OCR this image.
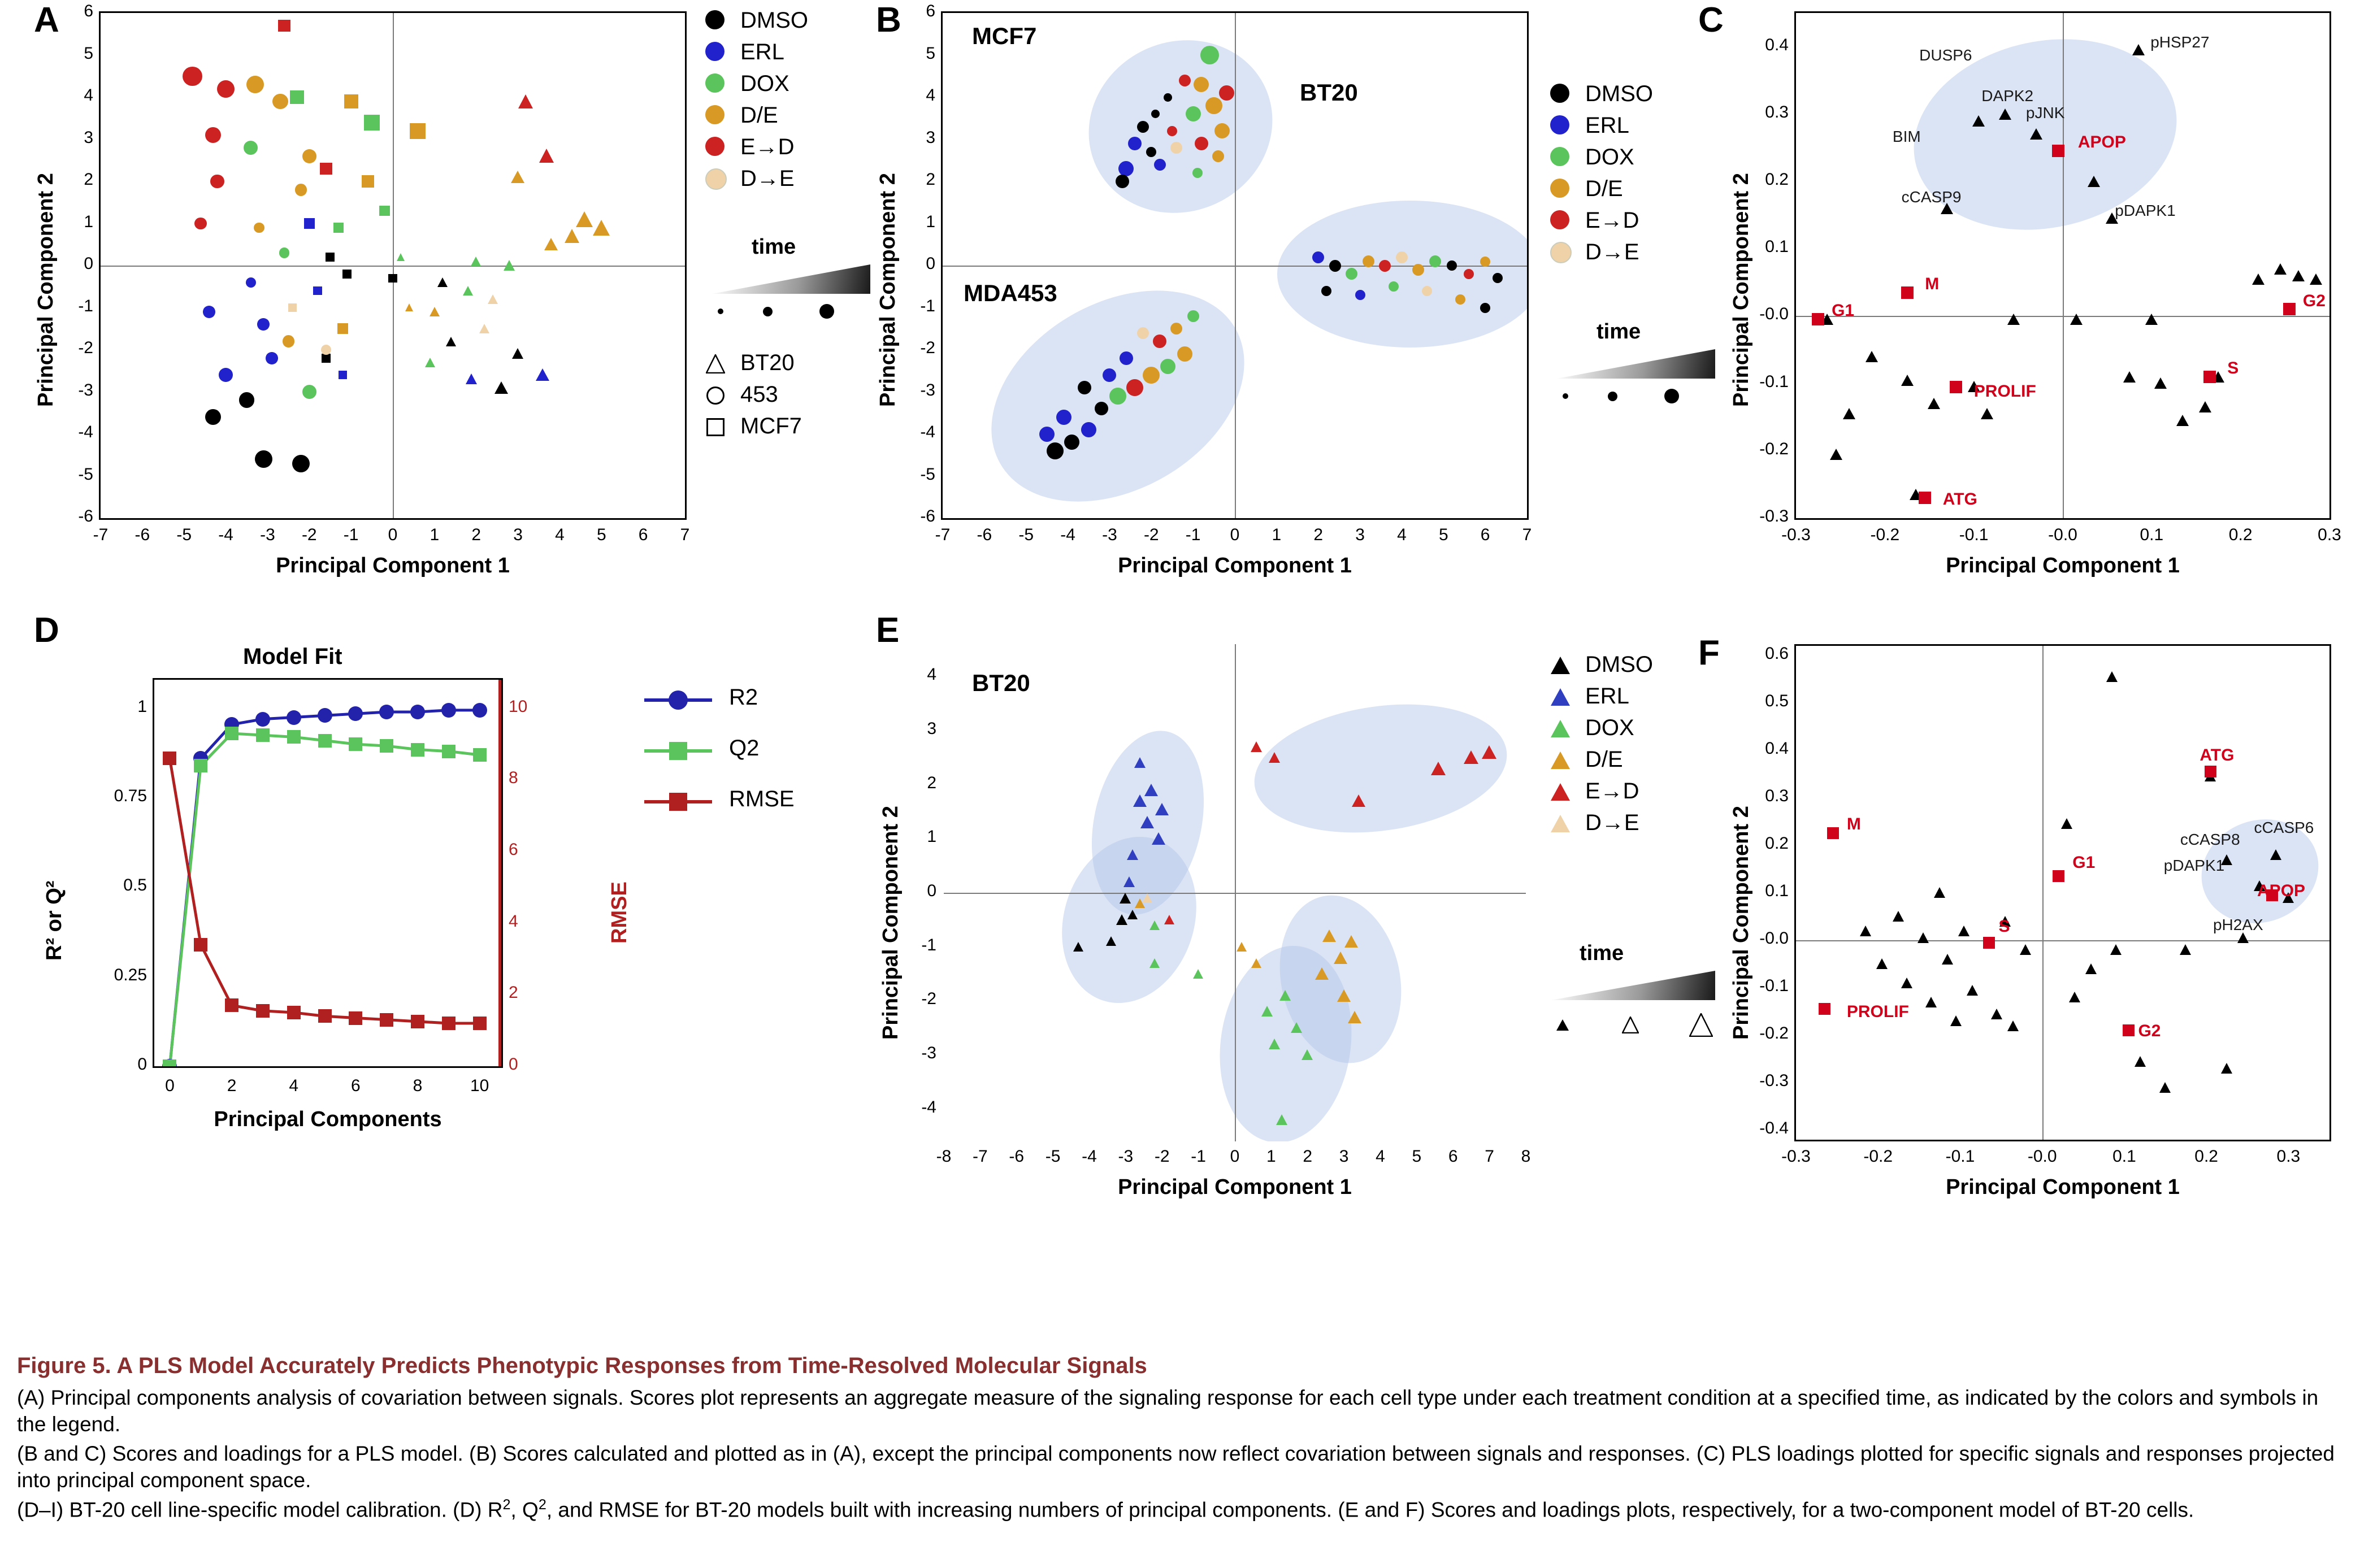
A
Principal Component 1
Principal Component 2
DMSO
ERL
DOX
D/E
E→D
D→E
time
BT20
453
MCF7
-7	-6	-5	-4	-3	-2	-1	0	1	2	3	4	5	6	7
6
5
4
3
2
1
0
-1
-2
-3
-4
-5
-6
B
Principal Component 1
Principal Component 2
DMSO
ERL
DOX
D/E
E→D
D→E
time
-7	-6	-5	-4	-3	-2	-1	0	1	2	3	4	5	6	7
6
5
4
3
2
1
0
-1
-2
-3
-4
-5
-6
MCF7
BT20
MDA453
C
Principal Component 1
Principal Component 2
-0.3	-0.2	-0.1	-0.0	0.1	0.2	0.3
0.4
0.3
0.2
0.1
-0.0
-0.1
-0.2
-0.3
DUSP6
DAPK2
pHSP27
pJNK
BIM
cCASP9
pDAPK1
G1
M
G2
APOP
S
PROLIF
ATG
D
Model Fit
Principal Components
R² or Q²	RMSE
R2
Q2
RMSE
0	2	4	6	8	10
1
0.75
0.5
0.25
0
10
8
6
4
2
0
E
Principal Component 1
Principal Component 2
DMSO
ERL
DOX
D/E
E→D
D→E
time
-8	-7	-6	-5	-4	-3	-2	-1	0	1	2	3	4	5	6	7	8
4
3
2
1
0
-1
-2
-3
-4
BT20
F
Principal Component 1
Principal Component 2
-0.3	-0.2	-0.1	-0.0	0.1	0.2	0.3
0.6
0.5
0.4
0.3
0.2
0.1
-0.0
-0.1
-0.2
-0.3
-0.4
cCASP8
cCASP6
pDAPK1
pH2AX
M
ATG
G1
APOP
S
PROLIF
G2
Figure 5. A PLS Model Accurately Predicts Phenotypic Responses from Time-Resolved Molecular Signals

(A) Principal components analysis of covariation between signals. Scores plot represents an aggregate measure of the signaling response for each cell type under each treatment condition at a specified time, as indicated by the colors and symbols in the legend.

(B and C) Scores and loadings for a PLS model. (B) Scores calculated and plotted as in (A), except the principal components now reflect covariation between signals and responses. (C) PLS loadings plotted for specific signals and responses projected into principal component space.

(D–I) BT-20 cell line-specific model calibration. (D) $R^2$, $Q^2$, and RMSE for BT-20 models built with increasing numbers of principal components. (E and F) Scores and loadings plots, respectively, for a two-component model of BT-20 cells.
